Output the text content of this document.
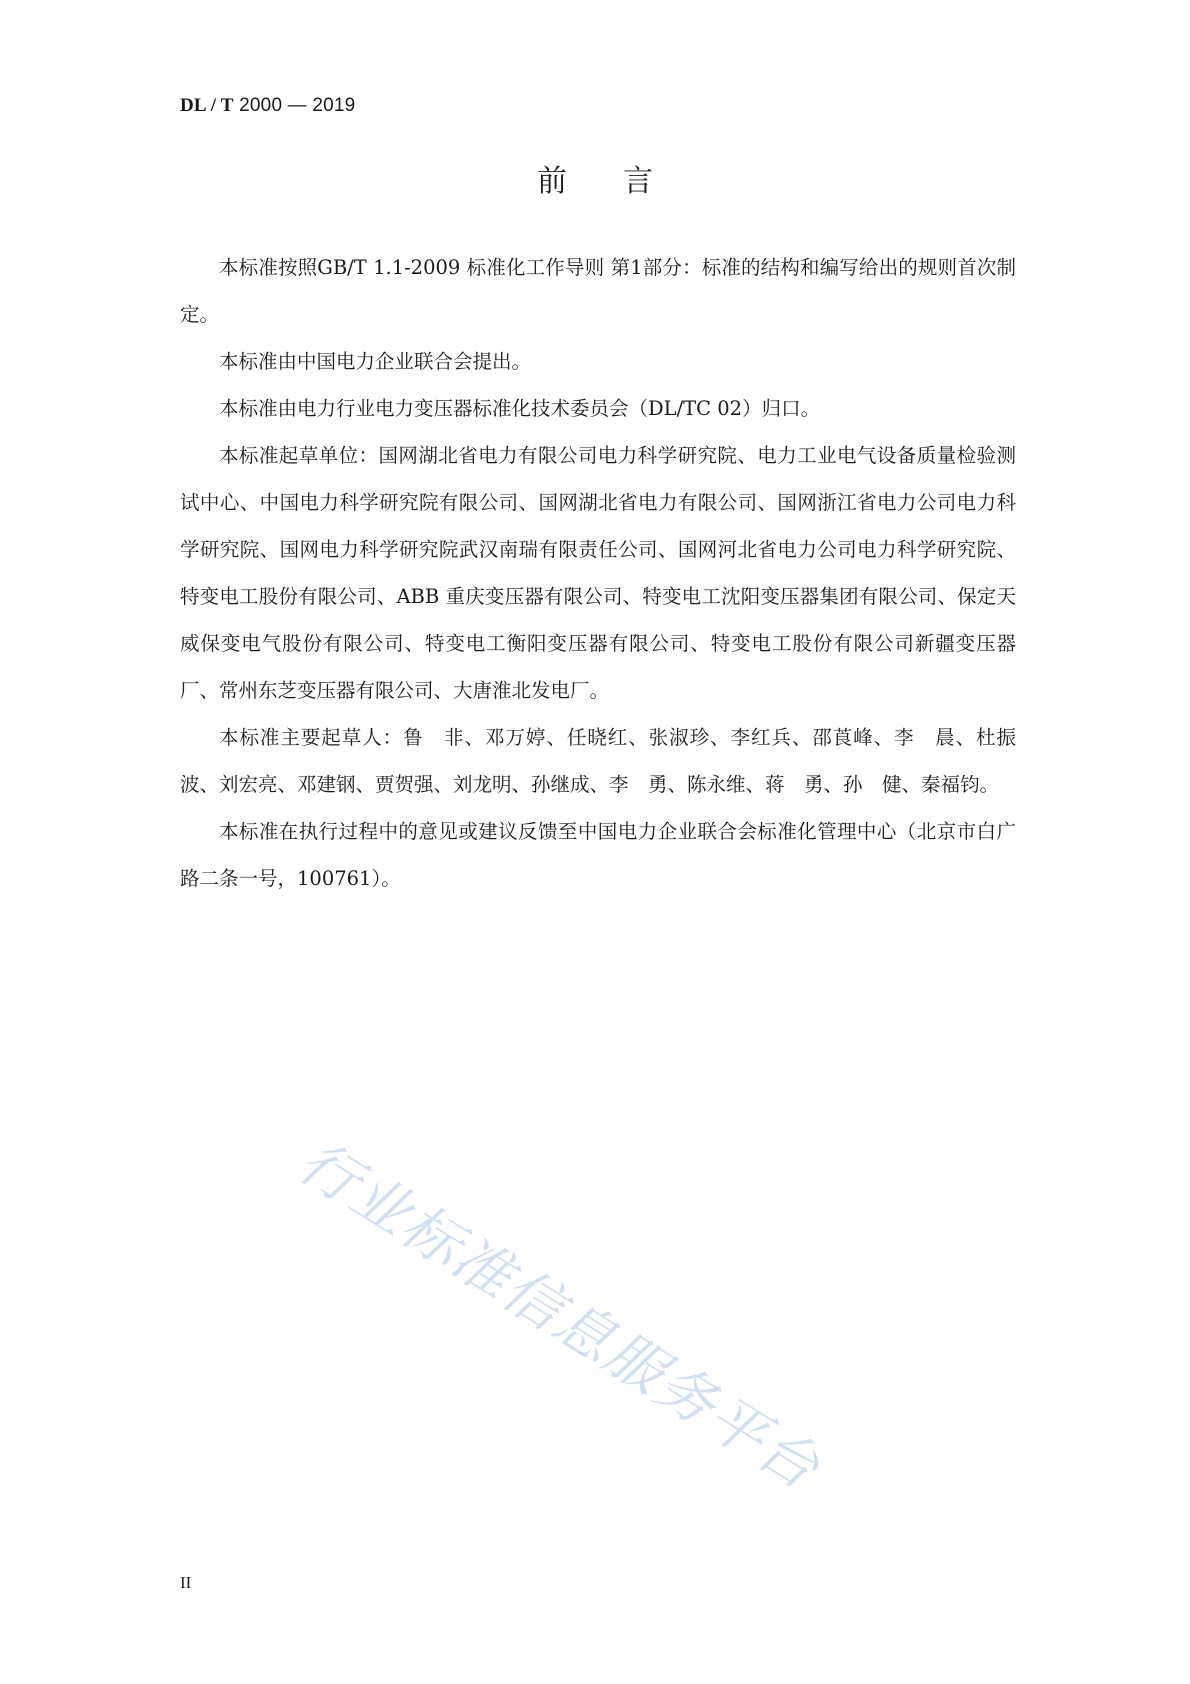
DL / T 2000 — 2019
前言

本标准按照GB/T 1.1-2009 标准化工作导则 第1部分：标准的结构和编写给出的规则首次制定。

本标准由中国电力企业联合会提出。

本标准由电力行业电力变压器标准化技术委员会（DL/TC 02）归口。

本标准起草单位：国网湖北省电力有限公司电力科学研究院、电力工业电气设备质量检验测试中心、中国电力科学研究院有限公司、国网湖北省电力有限公司、国网浙江省电力公司电力科学研究院、国网电力科学研究院武汉南瑞有限责任公司、国网河北省电力公司电力科学研究院、特变电工股份有限公司、ABB 重庆变压器有限公司、特变电工沈阳变压器集团有限公司、保定天威保变电气股份有限公司、特变电工衡阳变压器有限公司、特变电工股份有限公司新疆变压器厂、常州东芝变压器有限公司、大唐淮北发电厂。

本标准主要起草人：鲁　非、邓万婷、任晓红、张淑珍、李红兵、邵莨峰、李　晨、杜振波、刘宏亮、邓建钢、贾贺强、刘龙明、孙继成、李　勇、陈永维、蒋　勇、孙　健、秦福钧。

本标准在执行过程中的意见或建议反馈至中国电力企业联合会标准化管理中心（北京市白广路二条一号，100761）。

行业标准信息服务平台
II
